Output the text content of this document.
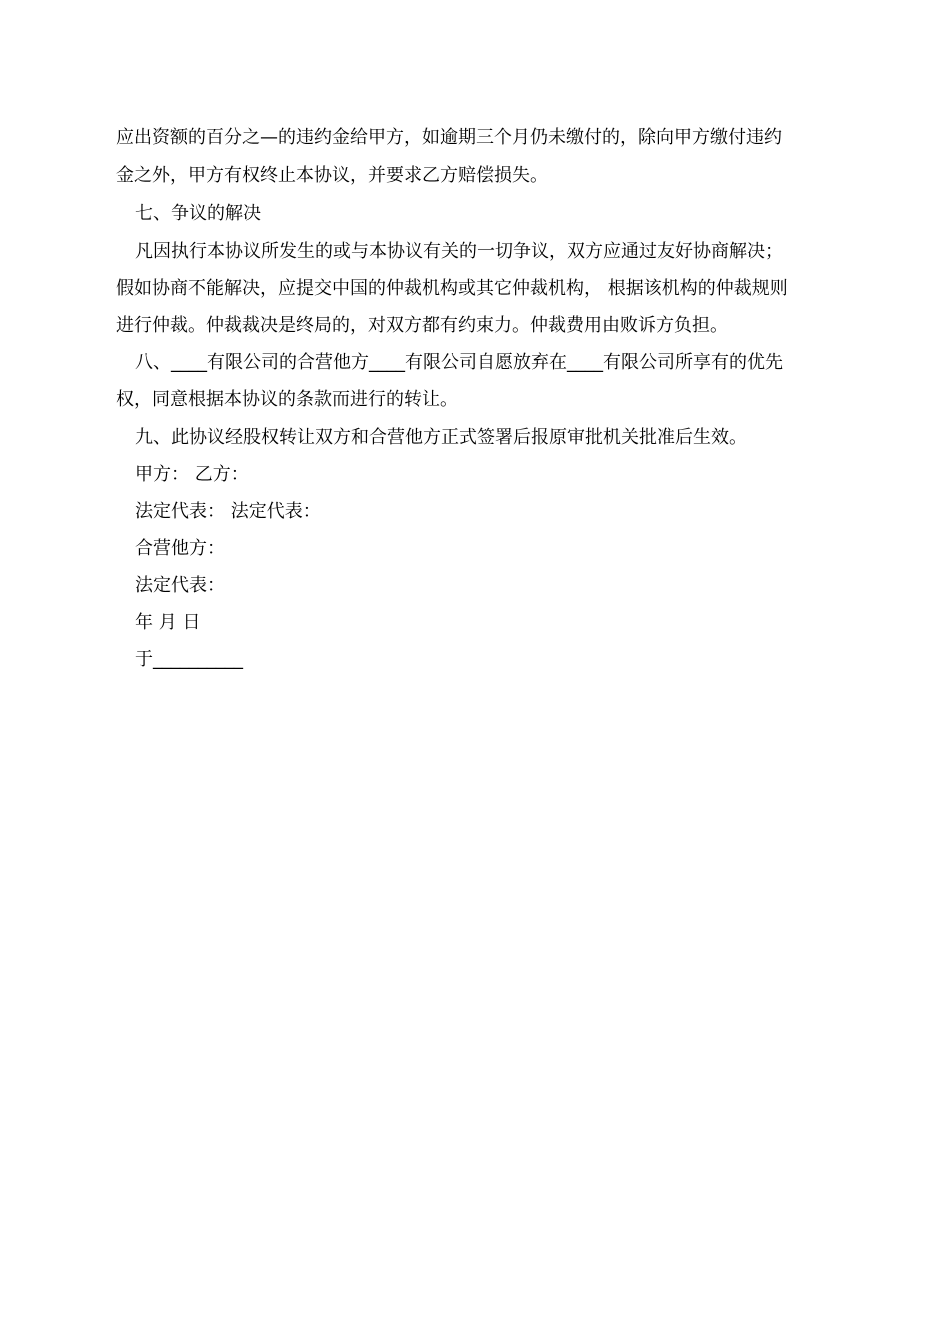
应出资额的百分之—的违约金给甲方，如逾期三个月仍未缴付的，除向甲方缴付违约
金之外，甲方有权终止本协议，并要求乙方赔偿损失。
七、争议的解决
凡因执行本协议所发生的或与本协议有关的一切争议，双方应通过友好协商解决；
假如协商不能解决，应提交中国的仲裁机构或其它仲裁机构， 根据该机构的仲裁规则
进行仲裁。仲裁裁决是终局的，对双方都有约束力。仲裁费用由败诉方负担。
八、____有限公司的合营他方____有限公司自愿放弃在____有限公司所享有的优先
权，同意根据本协议的条款而进行的转让。
九、此协议经股权转让双方和合营他方正式签署后报原审批机关批准后生效。
甲方： 乙方：
法定代表： 法定代表：
合营他方：
法定代表：
年 月 日
于__________
